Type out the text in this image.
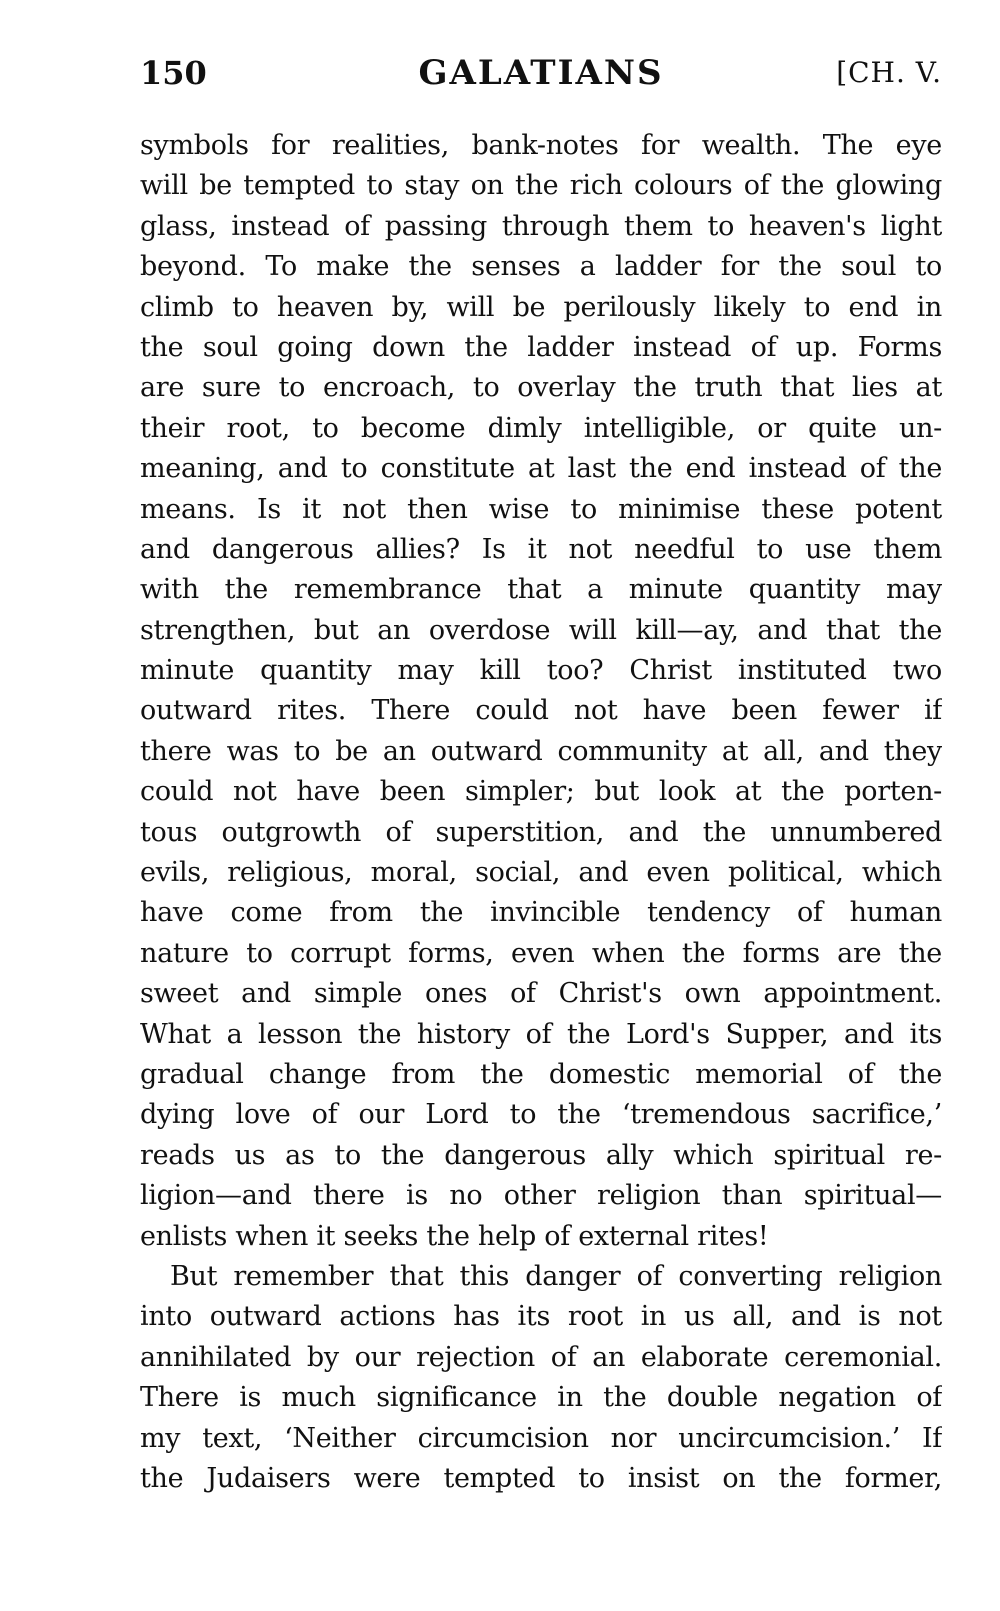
150	GALATIANS	[CH. V.
symbols for realities, bank-notes for wealth. The eye
will be tempted to stay on the rich colours of the glowing
glass, instead of passing through them to heaven's light
beyond. To make the senses a ladder for the soul to
climb to heaven by, will be perilously likely to end in
the soul going down the ladder instead of up. Forms
are sure to encroach, to overlay the truth that lies at
their root, to become dimly intelligible, or quite un-
meaning, and to constitute at last the end instead of the
means. Is it not then wise to minimise these potent
and dangerous allies? Is it not needful to use them
with the remembrance that a minute quantity may
strengthen, but an overdose will kill—ay, and that the
minute quantity may kill too? Christ instituted two
outward rites. There could not have been fewer if
there was to be an outward community at all, and they
could not have been simpler; but look at the porten-
tous outgrowth of superstition, and the unnumbered
evils, religious, moral, social, and even political, which
have come from the invincible tendency of human
nature to corrupt forms, even when the forms are the
sweet and simple ones of Christ's own appointment.
What a lesson the history of the Lord's Supper, and its
gradual change from the domestic memorial of the
dying love of our Lord to the ‘tremendous sacrifice,’
reads us as to the dangerous ally which spiritual re-
ligion—and there is no other religion than spiritual—
enlists when it seeks the help of external rites!
But remember that this danger of converting religion
into outward actions has its root in us all, and is not
annihilated by our rejection of an elaborate ceremonial.
There is much significance in the double negation of
my text, ‘Neither circumcision nor uncircumcision.’ If
the Judaisers were tempted to insist on the former,
